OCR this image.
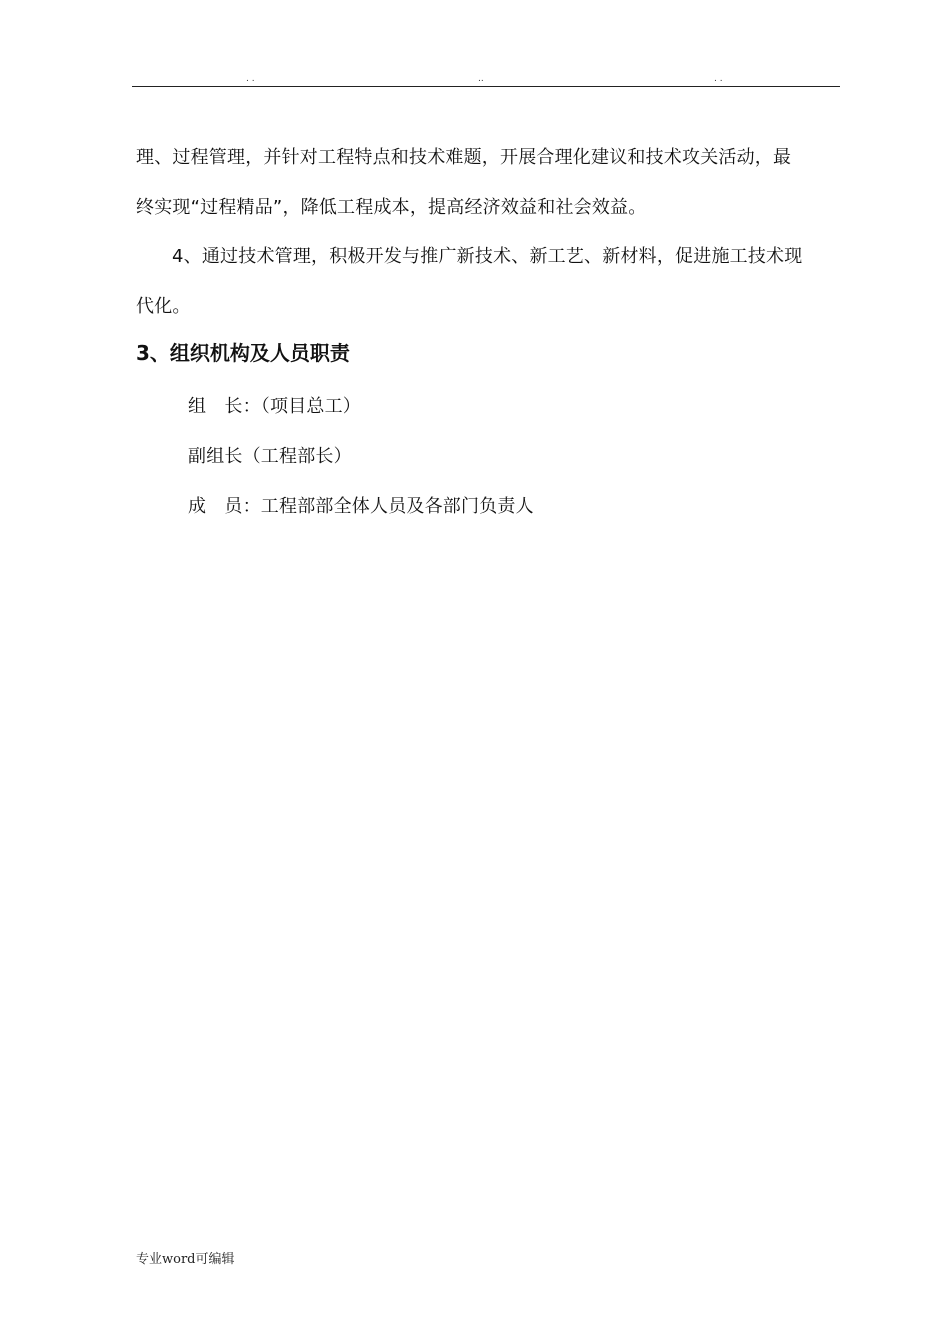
. .	..	. .
理、过程管理，并针对工程特点和技术难题，开展合理化建议和技术攻关活动，最
终实现“过程精品”，降低工程成本，提高经济效益和社会效益。
4、通过技术管理，积极开发与推广新技术、新工艺、新材料，促进施工技术现
代化。
3、组织机构及人员职责
组　长：（项目总工）
副组长（工程部长）
成　员：工程部部全体人员及各部门负责人
专业word可编辑
